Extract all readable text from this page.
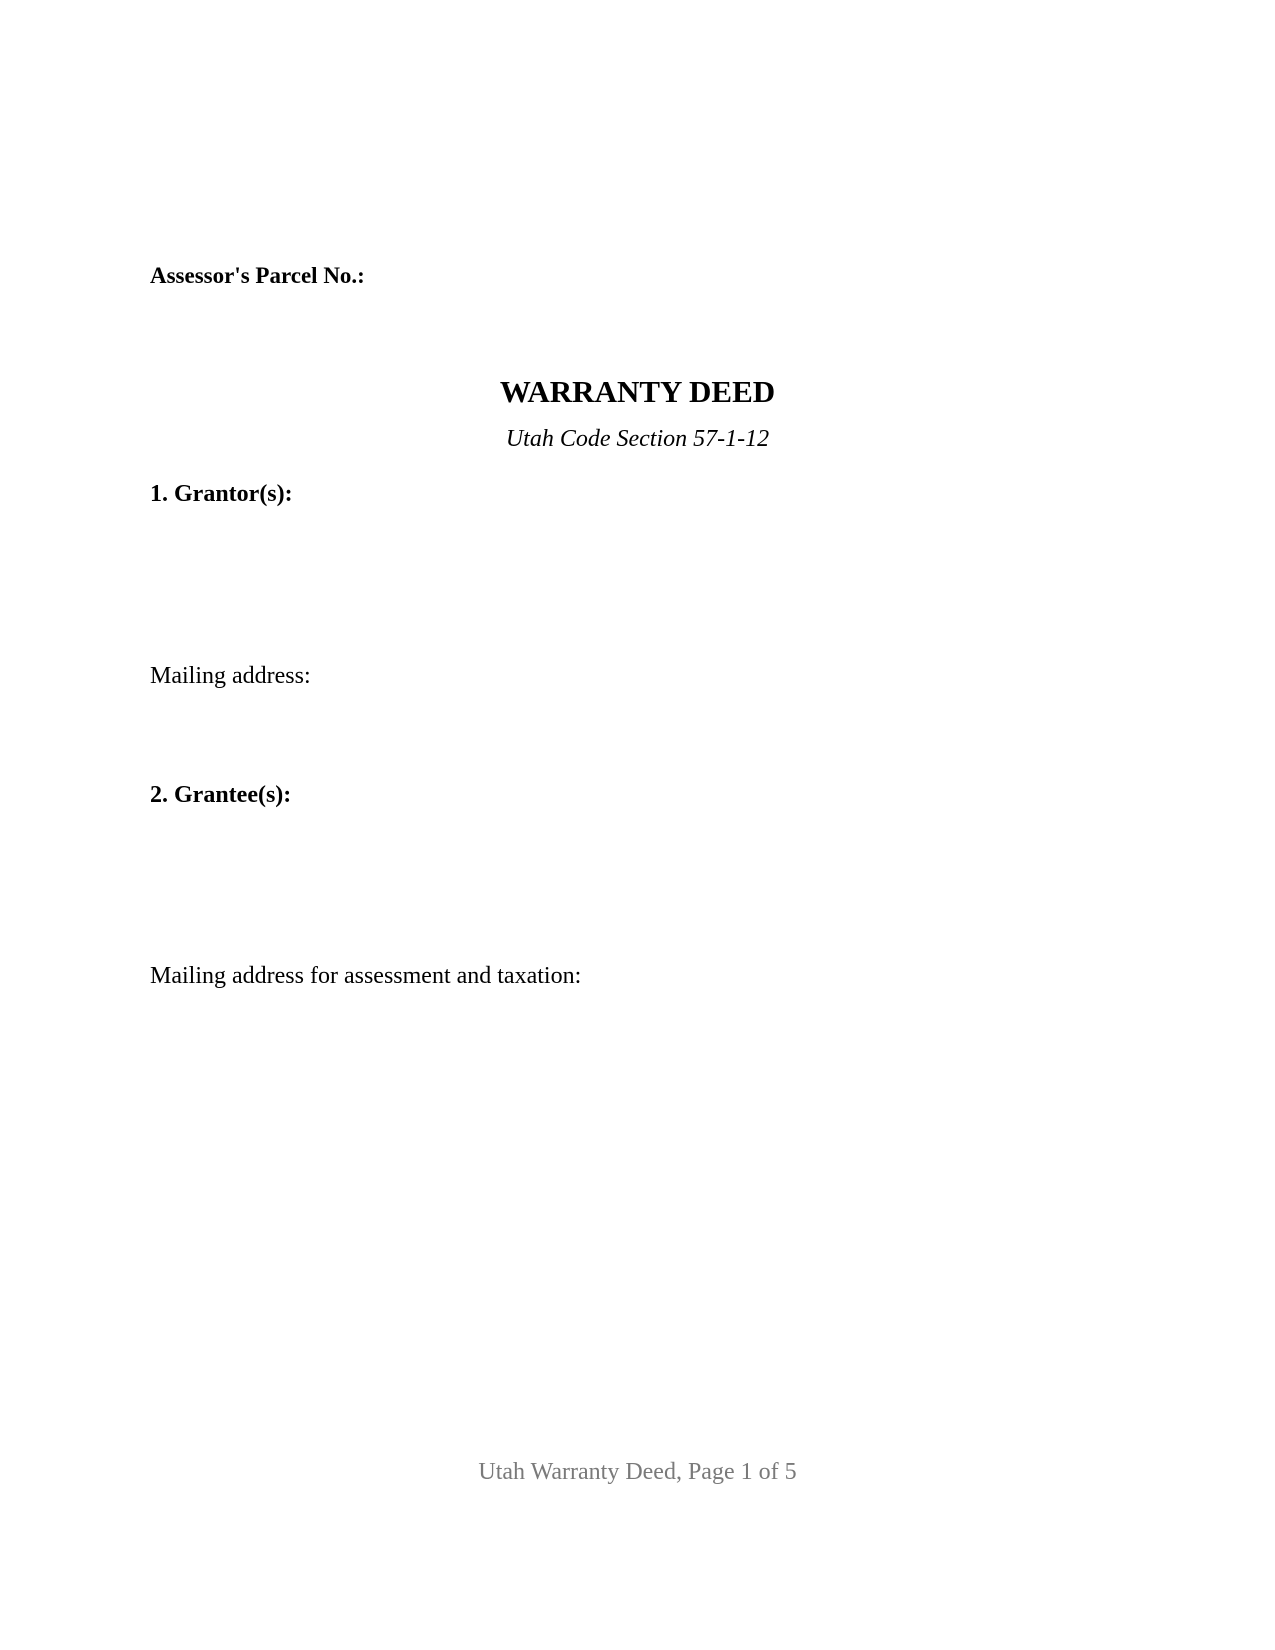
Assessor's Parcel No.:
WARRANTY DEED
Utah Code Section 57-1-12
1. Grantor(s):
Mailing address:
2. Grantee(s):
Mailing address for assessment and taxation:
Utah Warranty Deed, Page 1 of 5
